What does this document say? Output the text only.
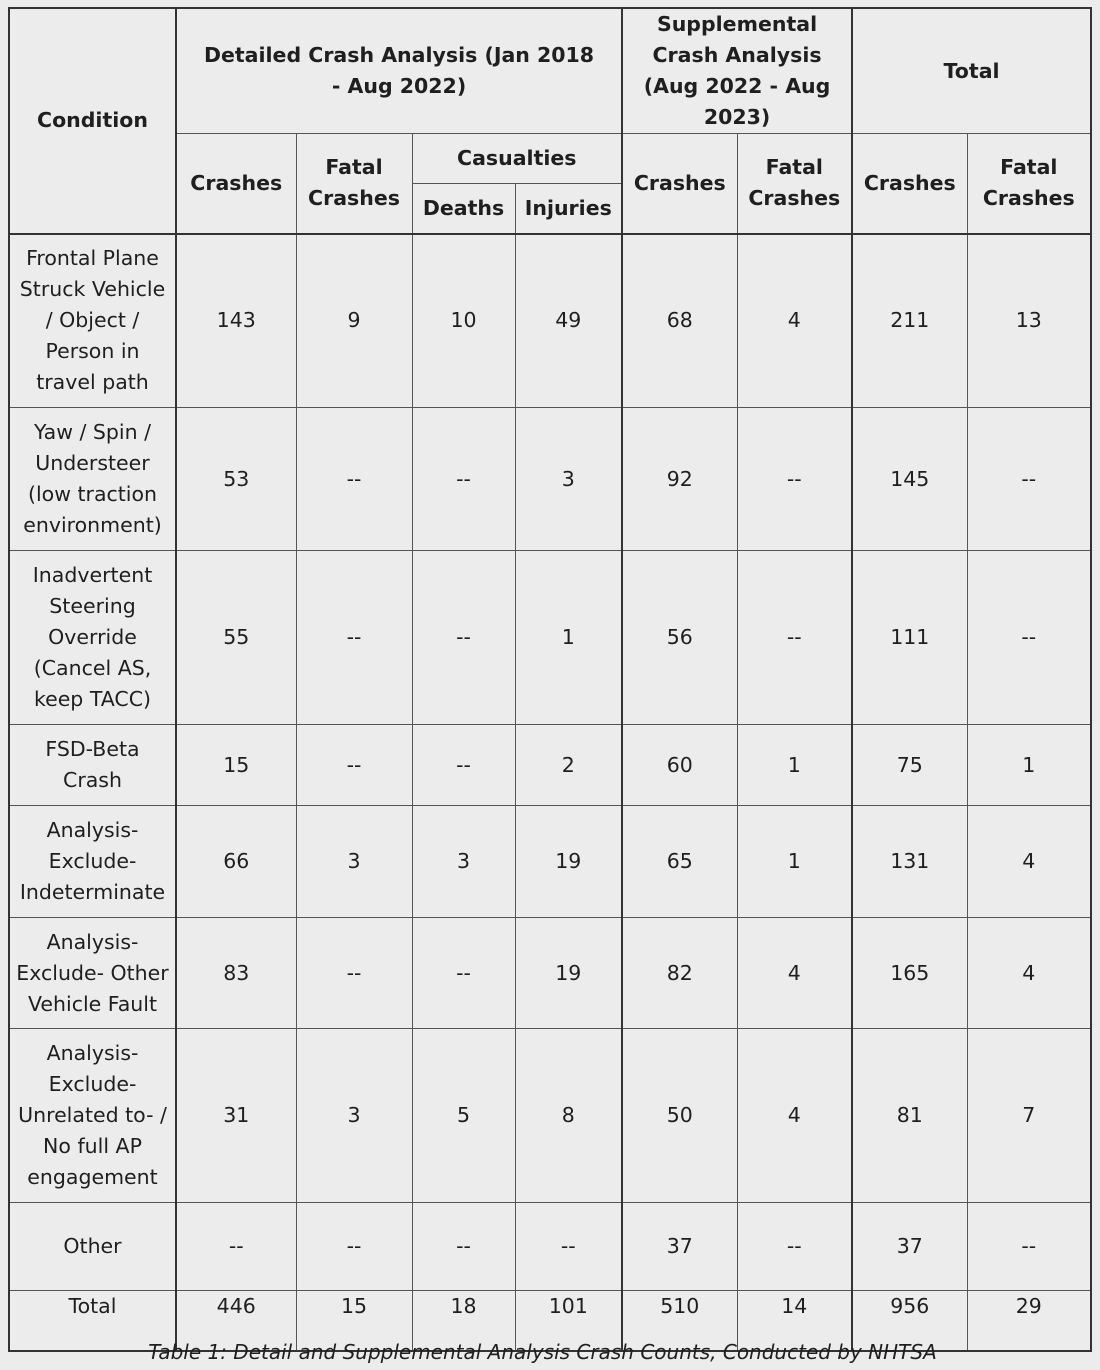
Condition	Detailed Crash Analysis (Jan 2018 - Aug 2022)				Supplemental Crash Analysis (Aug 2022 - Aug 2023)		Total	
	Crashes	Fatal Crashes	Casualties		Crashes	Fatal Crashes	Crashes	Fatal Crashes
			Deaths	Injuries				
Frontal Plane Struck Vehicle / Object / Person in travel path	143	9	10	49	68	4	211	13
Yaw / Spin / Understeer (low traction environment)	53	--	--	3	92	--	145	--
Inadvertent Steering Override (Cancel AS, keep TACC)	55	--	--	1	56	--	111	--
FSD-Beta Crash	15	--	--	2	60	1	75	1
Analysis- Exclude- Indeterminate	66	3	3	19	65	1	131	4
Analysis- Exclude- Other Vehicle Fault	83	--	--	19	82	4	165	4
Analysis- Exclude- Unrelated to- / No full AP engagement	31	3	5	8	50	4	81	7
Other	--	--	--	--	37	--	37	--
Total	446	15	18	101	510	14	956	29
Table 1: Detail and Supplemental Analysis Crash Counts, Conducted by NHTSA
